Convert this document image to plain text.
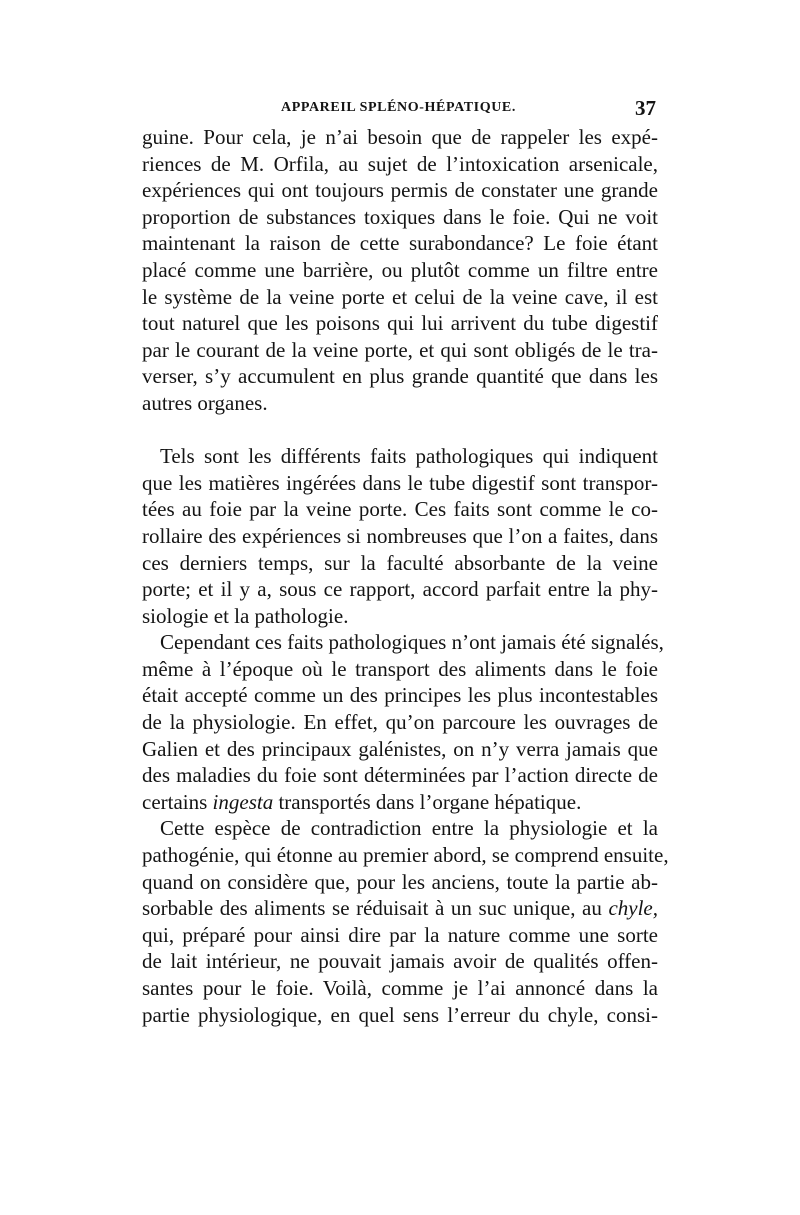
APPAREIL SPLÉNO-HÉPATIQUE.	37
guine. Pour cela, je n’ai besoin que de rappeler les expé-
riences de M. Orfila, au sujet de l’intoxication arsenicale,
expériences qui ont toujours permis de constater une grande
proportion de substances toxiques dans le foie. Qui ne voit
maintenant la raison de cette surabondance? Le foie étant
placé comme une barrière, ou plutôt comme un filtre entre
le système de la veine porte et celui de la veine cave, il est
tout naturel que les poisons qui lui arrivent du tube digestif
par le courant de la veine porte, et qui sont obligés de le tra-
verser, s’y accumulent en plus grande quantité que dans les
autres organes.
Tels sont les différents faits pathologiques qui indiquent
que les matières ingérées dans le tube digestif sont transpor-
tées au foie par la veine porte. Ces faits sont comme le co-
rollaire des expériences si nombreuses que l’on a faites, dans
ces derniers temps, sur la faculté absorbante de la veine
porte; et il y a, sous ce rapport, accord parfait entre la phy-
siologie et la pathologie.
Cependant ces faits pathologiques n’ont jamais été signalés,
même à l’époque où le transport des aliments dans le foie
était accepté comme un des principes les plus incontestables
de la physiologie. En effet, qu’on parcoure les ouvrages de
Galien et des principaux galénistes, on n’y verra jamais que
des maladies du foie sont déterminées par l’action directe de
certains ingesta transportés dans l’organe hépatique.
Cette espèce de contradiction entre la physiologie et la
pathogénie, qui étonne au premier abord, se comprend ensuite,
quand on considère que, pour les anciens, toute la partie ab-
sorbable des aliments se réduisait à un suc unique, au chyle,
qui, préparé pour ainsi dire par la nature comme une sorte
de lait intérieur, ne pouvait jamais avoir de qualités offen-
santes pour le foie. Voilà, comme je l’ai annoncé dans la
partie physiologique, en quel sens l’erreur du chyle, consi-
